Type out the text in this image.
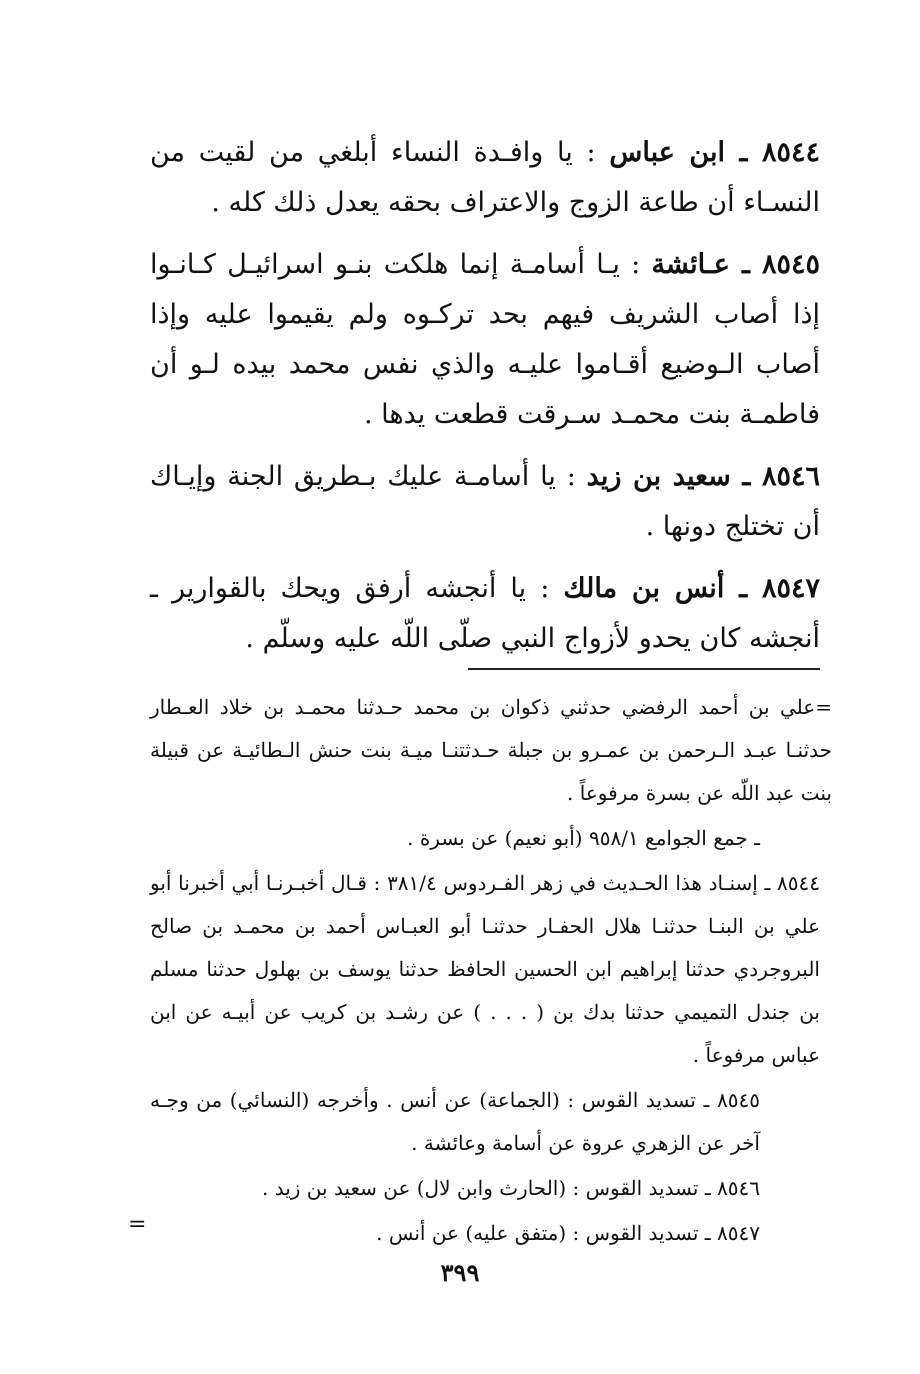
٨٥٤٤ ـ ابن عباس : يا وافـدة النساء أبلغي من لقيت من النسـاء أن طاعة الزوج والاعتراف بحقه يعدل ذلك كله .

٨٥٤٥ ـ عـائشة : يـا أسامـة إنما هلكت بنـو اسرائيـل كـانـوا إذا أصاب الشريف فيهم بحد تركـوه ولم يقيموا عليه وإذا أصاب الـوضيع أقـاموا عليـه والذي نفس محمد بيده لـو أن فاطمـة بنت محمـد سـرقت قطعت يدها .

٨٥٤٦ ـ سعيد بن زيد : يا أسامـة عليك بـطريق الجنة وإيـاك أن تختلج دونها .

٨٥٤٧ ـ أنس بن مالك : يا أنجشه أرفق ويحك بالقوارير ـ أنجشه كان يحدو لأزواج النبي صلّى اللّه عليه وسلّم .

=علي بن أحمد الرفضي حدثني ذكوان بن محمد حـدثنا محمـد بن خلاد العـطار حدثنـا عبـد الـرحمن بن عمـرو بن جبلة حـدثتنـا ميـة بنت حنش الـطائيـة عن قبيلة بنت عبد اللّه عن بسرة مرفوعاً .

ـ جمع الجوامع ٩٥٨/١ (أبو نعيم) عن بسرة .

٨٥٤٤ ـ إسنـاد هذا الحـديث في زهر الفـردوس ٣٨١/٤ : قـال أخبـرنـا أبي أخبرنا أبو علي بن البنـا حدثنـا هلال الحفـار حدثنـا أبو العبـاس أحمد بن محمـد بن صالح البروجردي حدثنا إبراهيم ابن الحسين الحافظ حدثنا يوسف بن بهلول حدثنا مسلم بن جندل التميمي حدثنا بدك بن ( . . . ) عن رشـد بن كريب عن أبيـه عن ابن عباس مرفوعاً .

٨٥٤٥ ـ تسديد القوس : (الجماعة) عن أنس . وأخرجه (النسائي) من وجـه آخر عن الزهري عروة عن أسامة وعائشة .

٨٥٤٦ ـ تسديد القوس : (الحارث وابن لال) عن سعيد بن زيد .

٨٥٤٧ ـ تسديد القوس : (متفق عليه) عن أنس .

=
٣٩٩
